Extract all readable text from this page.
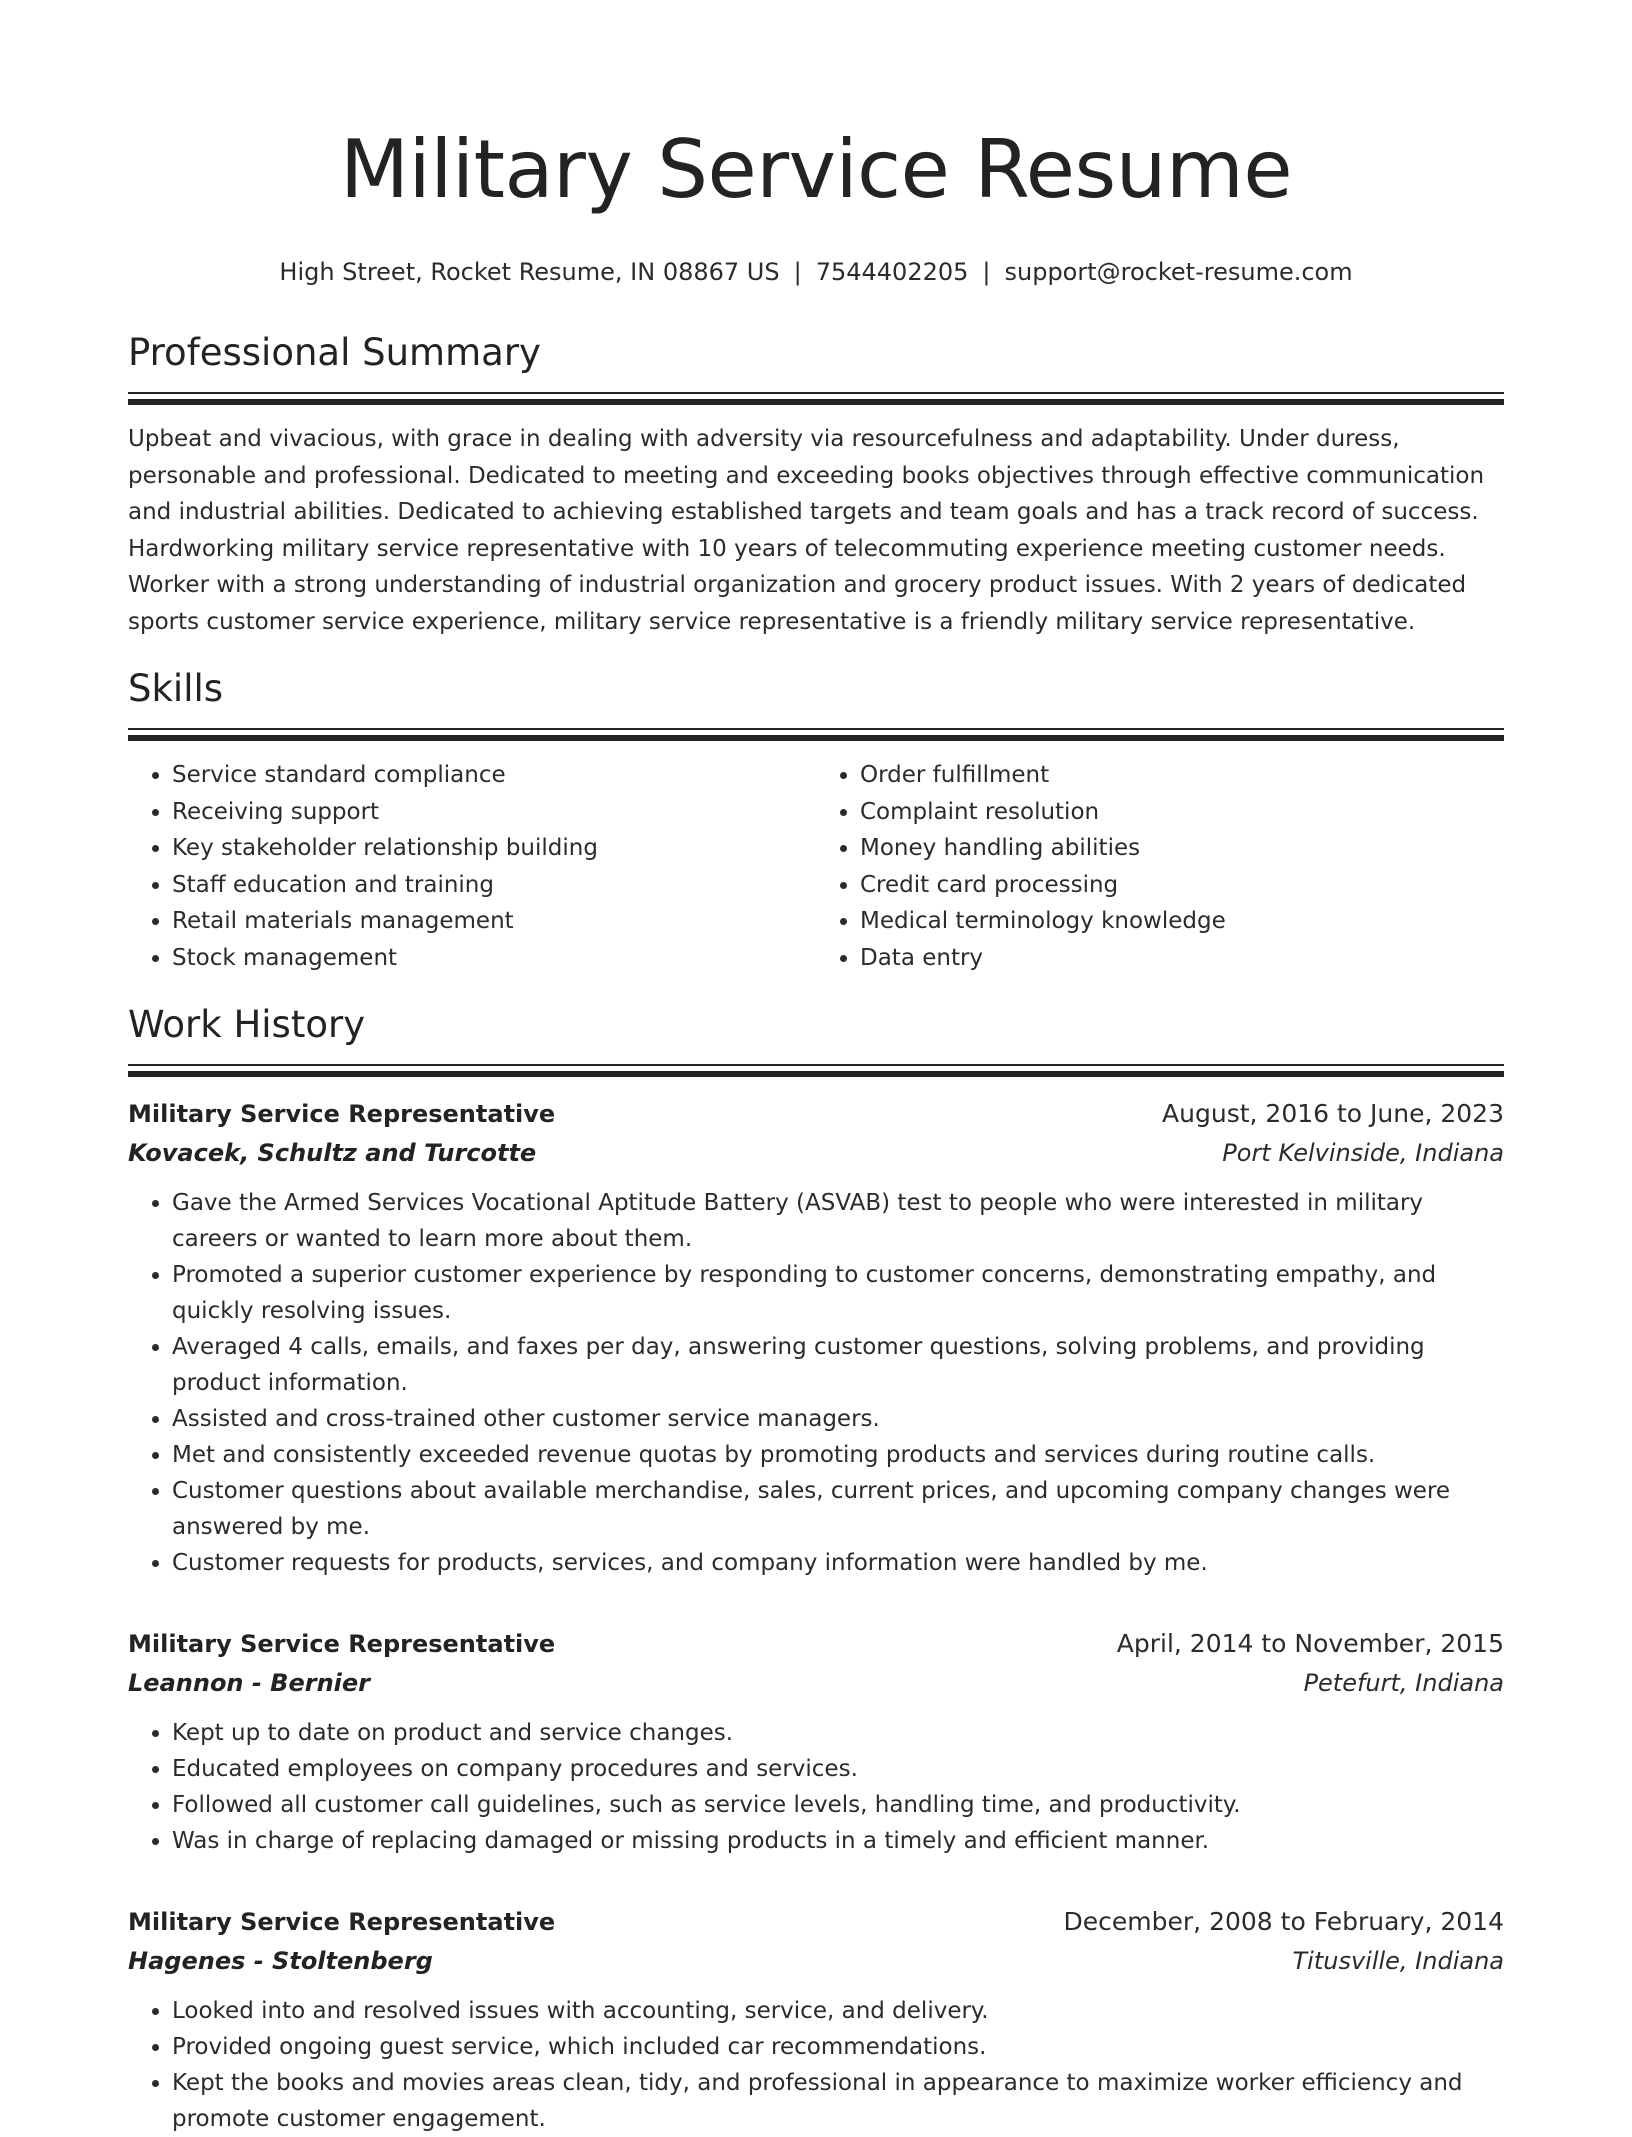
Military Service Resume
High Street, Rocket Resume, IN 08867 US | 7544402205 | support@rocket-resume.com
Professional Summary

Upbeat and vivacious, with grace in dealing with adversity via resourcefulness and adaptability. Under duress, personable and professional. Dedicated to meeting and exceeding books objectives through effective communication and industrial abilities. Dedicated to achieving established targets and team goals and has a track record of success. Hardworking military service representative with 10 years of telecommuting experience meeting customer needs. Worker with a strong understanding of industrial organization and grocery product issues. With 2 years of dedicated sports customer service experience, military service representative is a friendly military service representative.

Skills
• Service standard compliance
• Receiving support
• Key stakeholder relationship building
• Staff education and training
• Retail materials management
• Stock management
• Order fulfillment
• Complaint resolution
• Money handling abilities
• Credit card processing
• Medical terminology knowledge
• Data entry
Work History
Military Service Representative	August, 2016 to June, 2023
Kovacek, Schultz and Turcotte	Port Kelvinside, Indiana
• Gave the Armed Services Vocational Aptitude Battery (ASVAB) test to people who were interested in military careers or wanted to learn more about them.
• Promoted a superior customer experience by responding to customer concerns, demonstrating empathy, and quickly resolving issues.
• Averaged 4 calls, emails, and faxes per day, answering customer questions, solving problems, and providing product information.
• Assisted and cross-trained other customer service managers.
• Met and consistently exceeded revenue quotas by promoting products and services during routine calls.
• Customer questions about available merchandise, sales, current prices, and upcoming company changes were answered by me.
• Customer requests for products, services, and company information were handled by me.
Military Service Representative	April, 2014 to November, 2015
Leannon - Bernier	Petefurt, Indiana
• Kept up to date on product and service changes.
• Educated employees on company procedures and services.
• Followed all customer call guidelines, such as service levels, handling time, and productivity.
• Was in charge of replacing damaged or missing products in a timely and efficient manner.
Military Service Representative	December, 2008 to February, 2014
Hagenes - Stoltenberg	Titusville, Indiana
• Looked into and resolved issues with accounting, service, and delivery.
• Provided ongoing guest service, which included car recommendations.
• Kept the books and movies areas clean, tidy, and professional in appearance to maximize worker efficiency and promote customer engagement.
